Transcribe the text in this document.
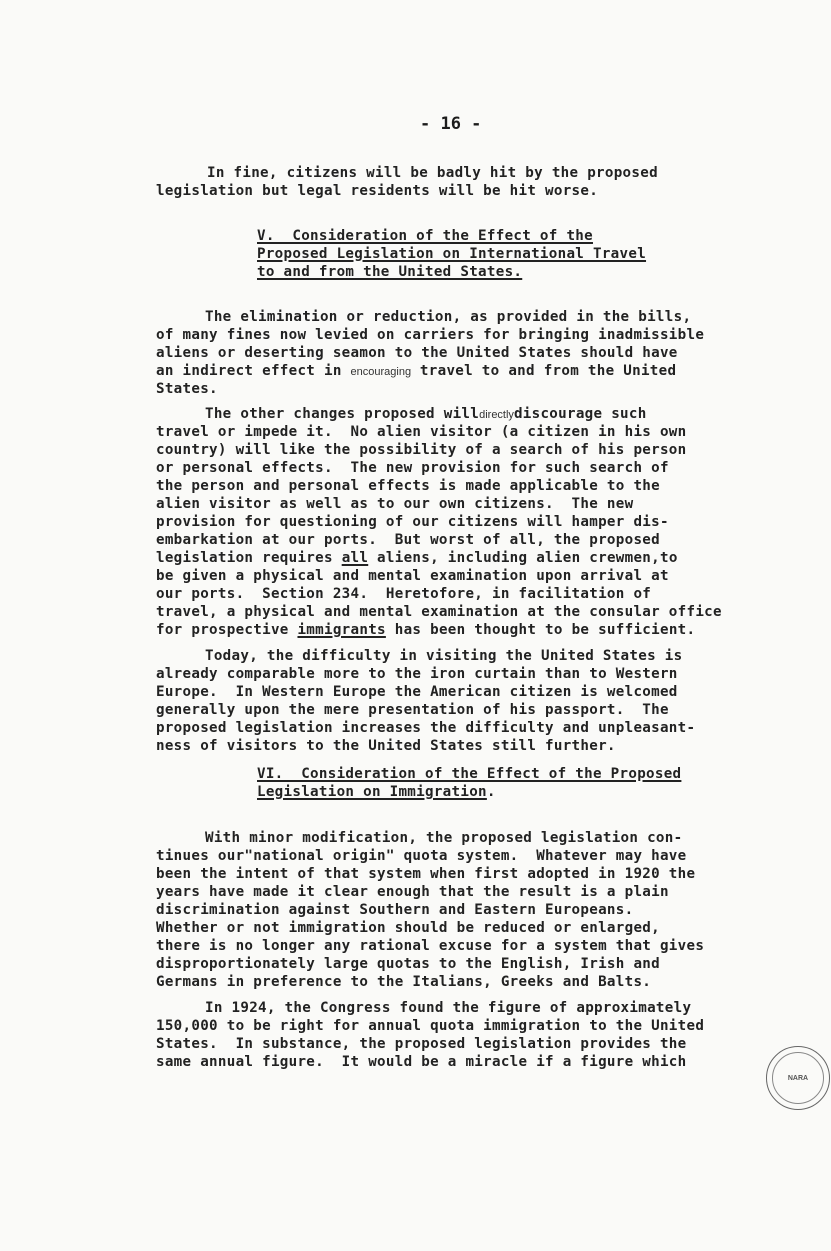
- 16 -
In fine, citizens will be badly hit by the proposed
legislation but legal residents will be hit worse.
V.  Consideration of the Effect of the
Proposed Legislation on International Travel
to and from the United States.
The elimination or reduction, as provided in the bills,
of many fines now levied on carriers for bringing inadmissible
aliens or deserting seamon to the United States should have
an indirect effect in encouraging travel to and from the United
States.
The other changes proposed willdirectlydiscourage such
travel or impede it.  No alien visitor (a citizen in his own
country) will like the possibility of a search of his person
or personal effects.  The new provision for such search of
the person and personal effects is made applicable to the
alien visitor as well as to our own citizens.  The new
provision for questioning of our citizens will hamper dis-
embarkation at our ports.  But worst of all, the proposed
legislation requires all aliens, including alien crewmen,to
be given a physical and mental examination upon arrival at
our ports.  Section 234.  Heretofore, in facilitation of
travel, a physical and mental examination at the consular office
for prospective immigrants has been thought to be sufficient.
Today, the difficulty in visiting the United States is
already comparable more to the iron curtain than to Western
Europe.  In Western Europe the American citizen is welcomed
generally upon the mere presentation of his passport.  The
proposed legislation increases the difficulty and unpleasant-
ness of visitors to the United States still further.
VI.  Consideration of the Effect of the Proposed
Legislation on Immigration.
With minor modification, the proposed legislation con-
tinues our"national origin" quota system.  Whatever may have
been the intent of that system when first adopted in 1920 the
years have made it clear enough that the result is a plain
discrimination against Southern and Eastern Europeans.
Whether or not immigration should be reduced or enlarged,
there is no longer any rational excuse for a system that gives
disproportionately large quotas to the English, Irish and
Germans in preference to the Italians, Greeks and Balts.
In 1924, the Congress found the figure of approximately
150,000 to be right for annual quota immigration to the United
States.  In substance, the proposed legislation provides the
same annual figure.  It would be a miracle if a figure which
NARA
